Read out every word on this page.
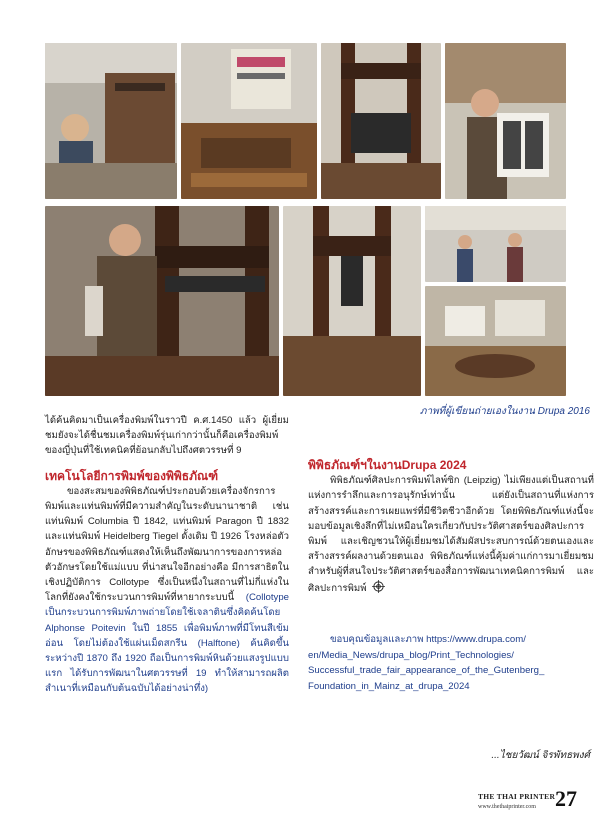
ภาพที่ผู้เขียนถ่ายเองในงาน Drupa 2016

ได้ค้นคิดมาเป็นเครื่องพิมพ์ในราวปี ค.ศ.1450 แล้ว ผู้เยี่ยมชมยังจะได้ชื่นชมเครื่องพิมพ์รุ่นเก่ากว่านั้นก็คือเครื่องพิมพ์ของญี่ปุ่นที่ใช้เทคนิคที่ย้อนกลับไปถึงศตวรรษที่ 9

เทคโนโลยีการพิมพ์ของพิพิธภัณฑ์

ของสะสมของพิพิธภัณฑ์ประกอบด้วยเครื่องจักรการพิมพ์และแท่นพิมพ์ที่มีความสำคัญในระดับนานาชาติ เช่น แท่นพิมพ์ Columbia ปี 1842, แท่นพิมพ์ Paragon ปี 1832 และแท่นพิมพ์ Heidelberg Tiegel ดั้งเดิม ปี 1926 โรงหล่อตัวอักษรของพิพิธภัณฑ์แสดงให้เห็นถึงพัฒนาการของการหล่อตัวอักษรโดยใช้แม่แบบ ที่น่าสนใจอีกอย่างคือ มีการสาธิตในเชิงปฏิบัติการ Collotype ซึ่งเป็นหนึ่งในสถานที่ไม่กี่แห่งในโลกที่ยังคงใช้กระบวนการพิมพ์ที่หายากระบบนี้ (Collotype เป็นกระบวนการพิมพ์ภาพถ่ายโดยใช้เจลาตินซึ่งคิดค้นโดย Alphonse Poitevin ในปี 1855 เพื่อพิมพ์ภาพที่มีโทนสีเข้มอ่อน โดยไม่ต้องใช้แผ่นเม็ดสกรีน (Halftone) ค้นคิดขึ้นระหว่างปี 1870 ถึง 1920 ถือเป็นการพิมพ์หินด้วยแสงรูปแบบแรก ได้รับการพัฒนาในศตวรรษที่ 19 ทำให้สามารถผลิตสำเนาที่เหมือนกับต้นฉบับได้อย่างน่าทึ่ง)

พิพิธภัณฑ์ฯในงานDrupa 2024

พิพิธภัณฑ์ศิลปะการพิมพ์ไลพ์ซิก (Leipzig) ไม่เพียงแต่เป็นสถานที่แห่งการรำลึกและการอนุรักษ์เท่านั้น แต่ยังเป็นสถานที่แห่งการสร้างสรรค์และการเผยแพร่ที่มีชีวิตชีวาอีกด้วย โดยพิพิธภัณฑ์แห่งนี้จะมอบข้อมูลเชิงลึกที่ไม่เหมือนใครเกี่ยวกับประวัติศาสตร์ของศิลปะการพิมพ์ และเชิญชวนให้ผู้เยี่ยมชมได้สัมผัสประสบการณ์ด้วยตนเองและสร้างสรรค์ผลงานด้วยตนเอง พิพิธภัณฑ์แห่งนี้คุ้มค่าแก่การมาเยี่ยมชมสำหรับผู้ที่สนใจประวัติศาสตร์ของสื่อการพัฒนาเทคนิคการพิมพ์ และศิลปะการพิมพ์

ขอบคุณข้อมูลและภาพ https://www.drupa.com/

en/Media_News/drupa_blog/Print_Technologies/

Successful_trade_fair_appearance_of_the_Gutenberg_

Foundation_in_Mainz_at_drupa_2024

...ไชยวัฒน์ จิรพัทธพงศ์
THE THAI PRINTER
www.thethaiprinter.com 27
